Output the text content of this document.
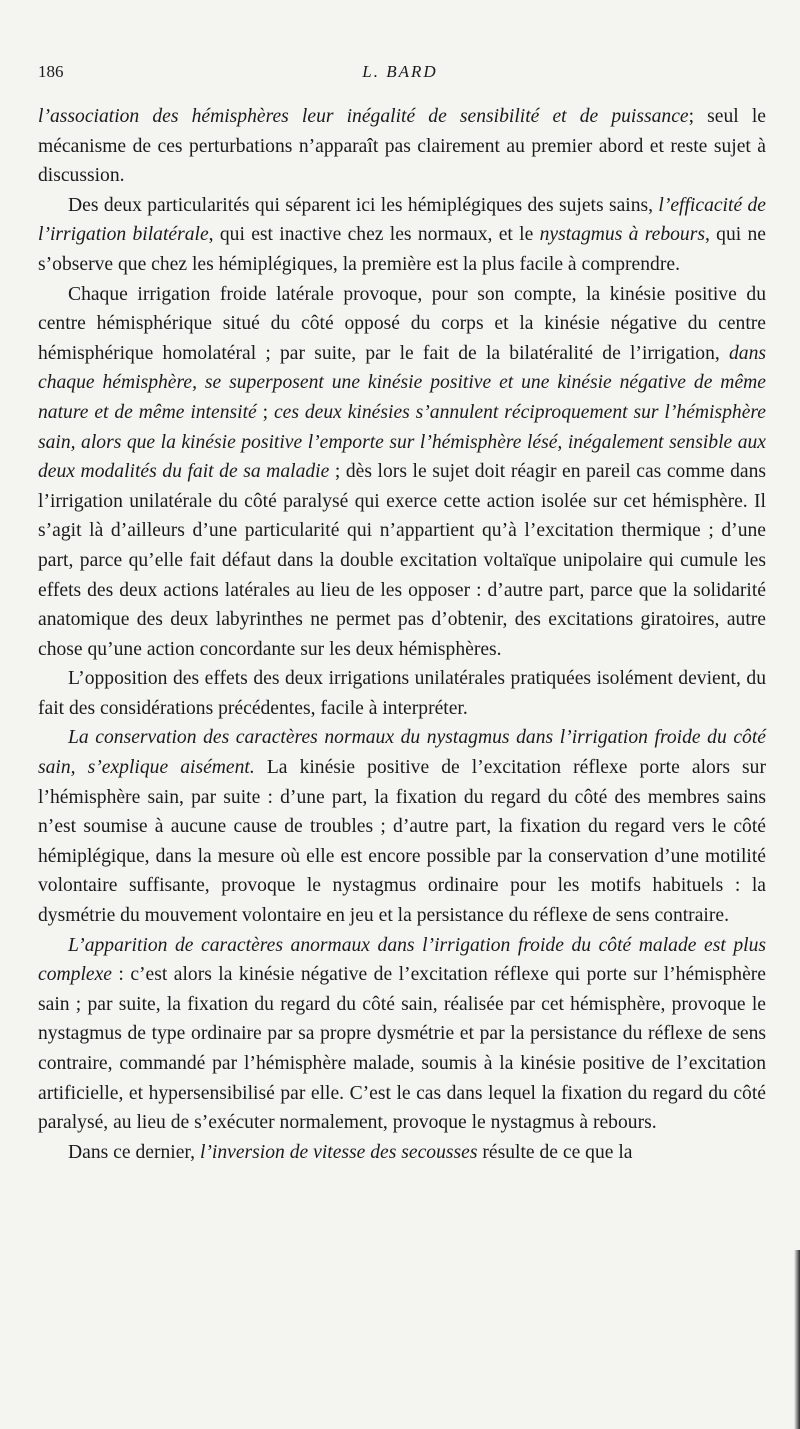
186	L. BARD

l’association des hémisphères leur inégalité de sensibilité et de puissance; seul le mécanisme de ces perturbations n’apparaît pas clairement au premier abord et reste sujet à discussion.

Des deux particularités qui séparent ici les hémiplégiques des sujets sains, l’efficacité de l’irrigation bilatérale, qui est inactive chez les normaux, et le nystagmus à rebours, qui ne s’observe que chez les hémiplégiques, la première est la plus facile à comprendre.

Chaque irrigation froide latérale provoque, pour son compte, la kinésie positive du centre hémisphérique situé du côté opposé du corps et la kinésie négative du centre hémisphérique homolatéral ; par suite, par le fait de la bilatéralité de l’irrigation, dans chaque hémisphère, se superposent une kinésie positive et une kinésie négative de même nature et de même intensité ; ces deux kinésies s’annulent réciproquement sur l’hémisphère sain, alors que la kinésie positive l’emporte sur l’hémisphère lésé, inégalement sensible aux deux modalités du fait de sa maladie ; dès lors le sujet doit réagir en pareil cas comme dans l’irrigation unilatérale du côté paralysé qui exerce cette action isolée sur cet hémisphère. Il s’agit là d’ailleurs d’une particularité qui n’appartient qu’à l’excitation thermique ; d’une part, parce qu’elle fait défaut dans la double excitation voltaïque unipolaire qui cumule les effets des deux actions latérales au lieu de les opposer : d’autre part, parce que la solidarité anatomique des deux labyrinthes ne permet pas d’obtenir, des excitations giratoires, autre chose qu’une action concordante sur les deux hémisphères.

L’opposition des effets des deux irrigations unilatérales pratiquées isolément devient, du fait des considérations précédentes, facile à interpréter.

La conservation des caractères normaux du nystagmus dans l’irrigation froide du côté sain, s’explique aisément. La kinésie positive de l’excitation réflexe porte alors sur l’hémisphère sain, par suite : d’une part, la fixation du regard du côté des membres sains n’est soumise à aucune cause de troubles ; d’autre part, la fixation du regard vers le côté hémiplégique, dans la mesure où elle est encore possible par la conservation d’une motilité volontaire suffisante, provoque le nystagmus ordinaire pour les motifs habituels : la dysmétrie du mouvement volontaire en jeu et la persistance du réflexe de sens contraire.

L’apparition de caractères anormaux dans l’irrigation froide du côté malade est plus complexe : c’est alors la kinésie négative de l’excitation réflexe qui porte sur l’hémisphère sain ; par suite, la fixation du regard du côté sain, réalisée par cet hémisphère, provoque le nystagmus de type ordinaire par sa propre dysmétrie et par la persistance du réflexe de sens contraire, commandé par l’hémisphère malade, soumis à la kinésie positive de l’excitation artificielle, et hypersensibilisé par elle. C’est le cas dans lequel la fixation du regard du côté paralysé, au lieu de s’exécuter normalement, provoque le nystagmus à rebours.

Dans ce dernier, l’inversion de vitesse des secousses résulte de ce que la
